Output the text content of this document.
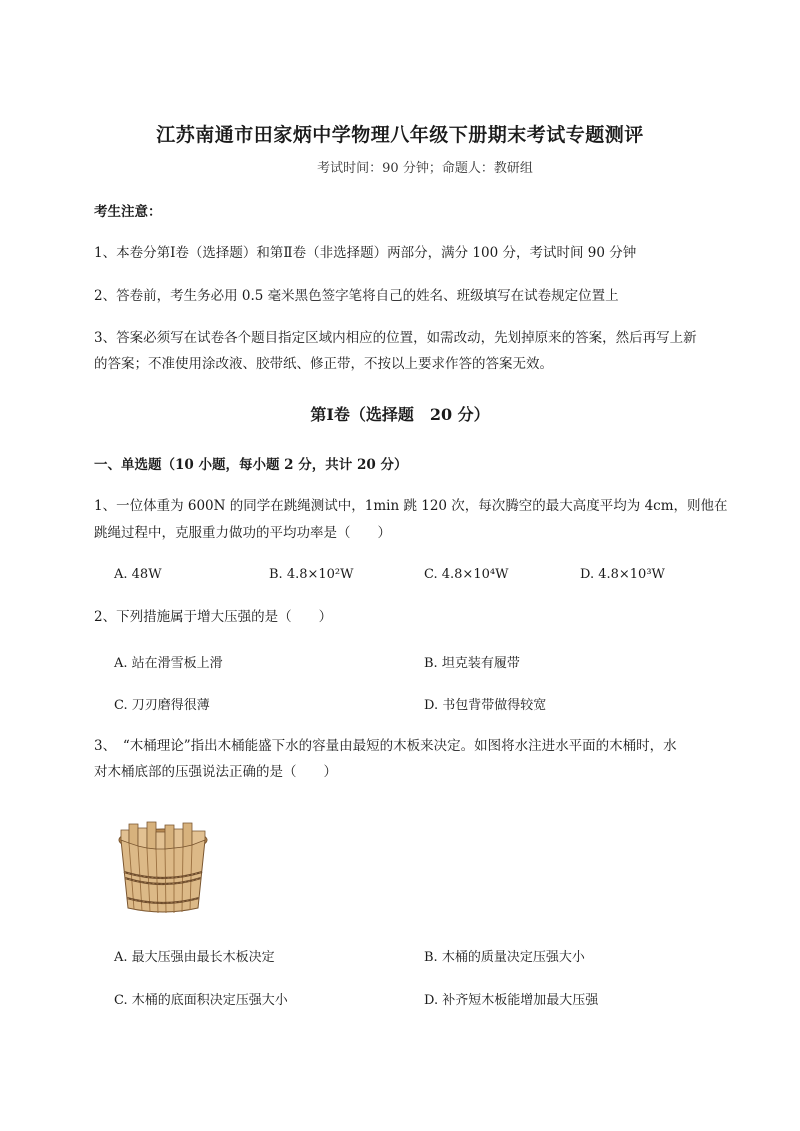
江苏南通市田家炳中学物理八年级下册期末考试专题测评
考试时间：90 分钟；命题人：教研组
考生注意：
1、本卷分第Ⅰ卷（选择题）和第Ⅱ卷（非选择题）两部分，满分 100 分，考试时间 90 分钟
2、答卷前，考生务必用 0.5 毫米黑色签字笔将自己的姓名、班级填写在试卷规定位置上
3、答案必须写在试卷各个题目指定区域内相应的位置，如需改动，先划掉原来的答案，然后再写上新
的答案；不准使用涂改液、胶带纸、修正带，不按以上要求作答的答案无效。
第Ⅰ卷（选择题　20 分）
一、单选题（10 小题，每小题 2 分，共计 20 分）
1、一位体重为 600N 的同学在跳绳测试中，1min 跳 120 次，每次腾空的最大高度平均为 4cm，则他在
跳绳过程中，克服重力做功的平均功率是（　　）
A. 48W	B. 4.8×10²W	C. 4.8×10⁴W	D. 4.8×10³W
2、下列措施属于增大压强的是（　　）
A. 站在滑雪板上滑	B. 坦克装有履带
C. 刀刃磨得很薄	D. 书包背带做得较宽
3、　“木桶理论”指出木桶能盛下水的容量由最短的木板来决定。如图将水注进水平面的木桶时，水
对木桶底部的压强说法正确的是（　　）
A. 最大压强由最长木板决定	B. 木桶的质量决定压强大小
C. 木桶的底面积决定压强大小	D. 补齐短木板能增加最大压强
